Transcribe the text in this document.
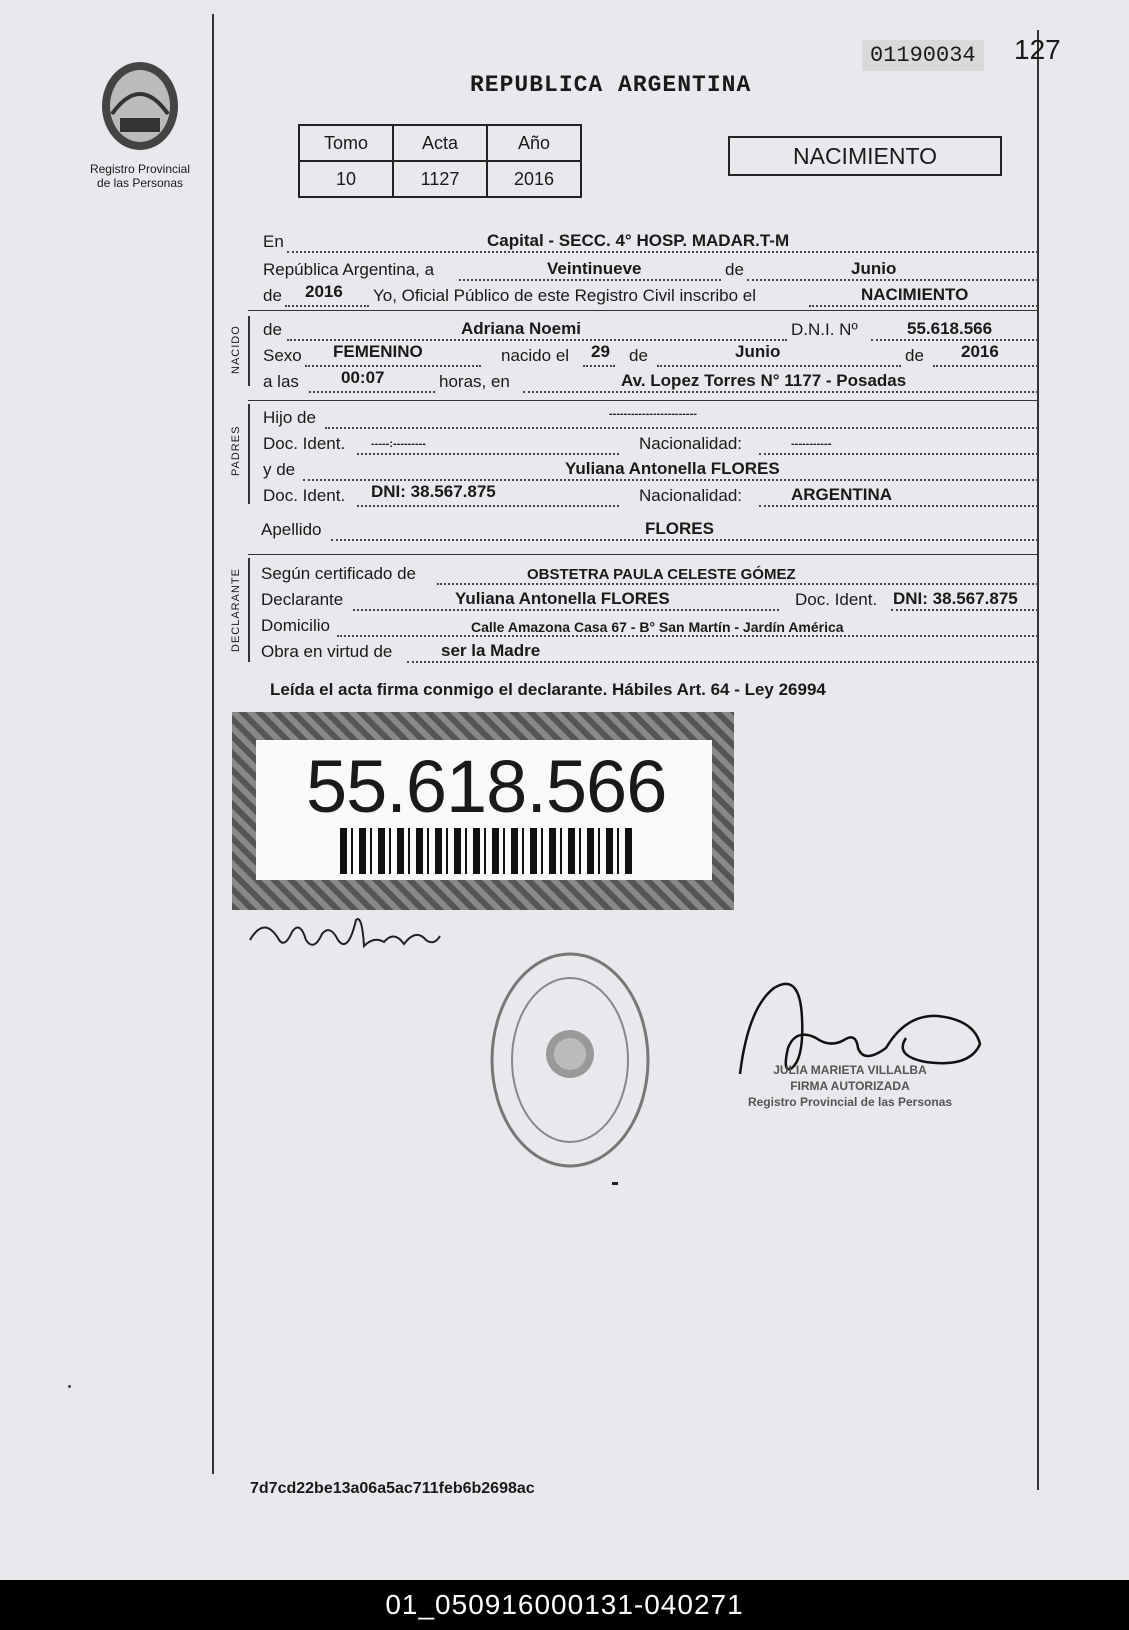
Registro Provincial
de las Personas
01190034 127
REPUBLICA ARGENTINA
Tomo	Acta	Año
10	1127	2016
NACIMIENTO
En	Capital - SECC. 4° HOSP. MADAR.T-M
República Argentina, a	Veintinueve	de	Junio
de 2016 Yo, Oficial Público de este Registro Civil inscribo el	NACIMIENTO
NACIDO de	Adriana Noemi	D.N.I. Nº	55.618.566
Sexo FEMENINO	nacido el 29 de	Junio	de 2016
a las 00:07	horas, en	Av. Lopez Torres N° 1177 - Posadas
PADRES
Hijo de	------------------------
Doc. Ident. -----:---------	Nacionalidad:	-----------
y de	Yuliana Antonella FLORES
Doc. Ident. DNI: 38.567.875	Nacionalidad:	ARGENTINA
Apellido	FLORES
DECLARANTE Según certificado de	OBSTETRA PAULA CELESTE GÓMEZ
Declarante	Yuliana Antonella FLORES	Doc. Ident. DNI: 38.567.875
Domicilio	Calle Amazona Casa 67 - B° San Martín - Jardín América
Obra en virtud de	ser la Madre
Leída el acta firma conmigo el declarante. Hábiles Art. 64 - Ley 26994
55.618.566
JULIA MARIETA VILLALBA
FIRMA AUTORIZADA
Registro Provincial de las Personas
7d7cd22be13a06a5ac711feb6b2698ac
01_050916000131-040271
